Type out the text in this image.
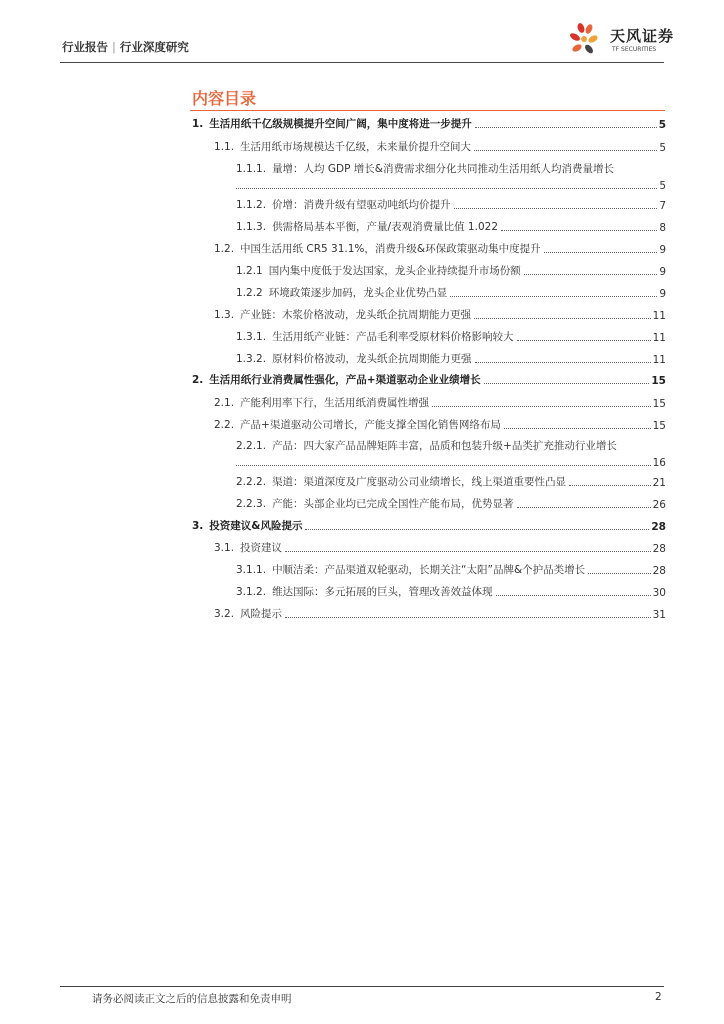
行业报告 | 行业深度研究
天风证券
TF SECURITIES
内容目录
1. 生活用纸千亿级规模提升空间广阔，集中度将进一步提升	5
1.1. 生活用纸市场规模达千亿级，未来量价提升空间大	5
1.1.1. 量增：人均 GDP 增长&消费需求细分化共同推动生活用纸人均消费量增长
5
1.1.2. 价增：消费升级有望驱动吨纸均价提升	7
1.1.3. 供需格局基本平衡，产量/表观消费量比值 1.022	8
1.2. 中国生活用纸 CR5 31.1%，消费升级&环保政策驱动集中度提升	9
1.2.1 国内集中度低于发达国家，龙头企业持续提升市场份额	9
1.2.2 环境政策逐步加码，龙头企业优势凸显	9
1.3. 产业链：木浆价格波动，龙头纸企抗周期能力更强	11
1.3.1. 生活用纸产业链：产品毛利率受原材料价格影响较大	11
1.3.2. 原材料价格波动，龙头纸企抗周期能力更强	11
2. 生活用纸行业消费属性强化，产品+渠道驱动企业业绩增长	15
2.1. 产能利用率下行，生活用纸消费属性增强	15
2.2. 产品+渠道驱动公司增长，产能支撑全国化销售网络布局	15
2.2.1. 产品：四大家产品品牌矩阵丰富，品质和包装升级+品类扩充推动行业增长
16
2.2.2. 渠道：渠道深度及广度驱动公司业绩增长，线上渠道重要性凸显	21
2.2.3. 产能：头部企业均已完成全国性产能布局，优势显著	26
3. 投资建议&风险提示	28
3.1. 投资建议	28
3.1.1. 中顺洁柔：产品渠道双轮驱动，长期关注“太阳”品牌&个护品类增长	28
3.1.2. 维达国际：多元拓展的巨头，管理改善效益体现	30
3.2. 风险提示	31
请务必阅读正文之后的信息披露和免责申明	2
